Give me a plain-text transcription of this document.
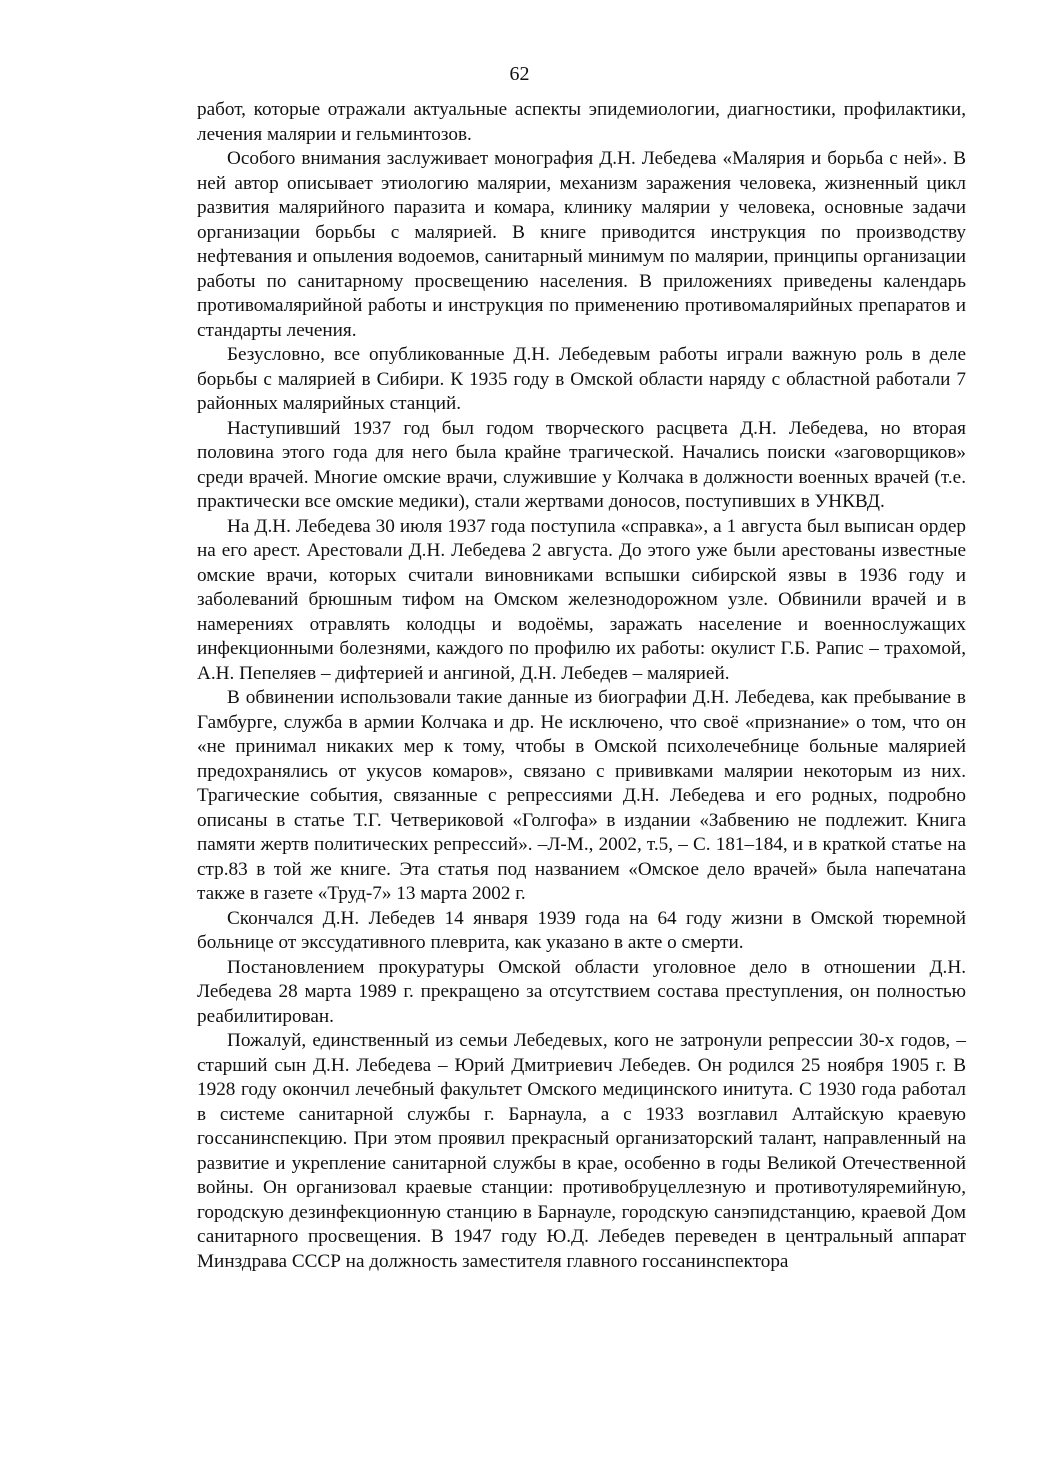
62

работ, которые отражали актуальные аспекты эпидемиологии, диагностики, профилактики, лечения малярии и гельминтозов.

Особого внимания заслуживает монография Д.Н. Лебедева «Малярия и борьба с ней». В ней автор описывает этиологию малярии, механизм заражения человека, жизненный цикл развития малярийного паразита и комара, клинику малярии у человека, основные задачи организации борьбы с малярией. В книге приводится инструкция по производству нефтевания и опыления водоемов, санитарный минимум по малярии, принципы организации работы по санитарному просвещению населения. В приложениях приведены календарь противомалярийной работы и инструкция по применению противомалярийных препаратов и стандарты лечения.

Безусловно, все опубликованные Д.Н. Лебедевым работы играли важную роль в деле борьбы с малярией в Сибири. К 1935 году в Омской области наряду с областной работали 7 районных малярийных станций.

Наступивший 1937 год был годом творческого расцвета Д.Н. Лебедева, но вторая половина этого года для него была крайне трагической. Начались поиски «заговорщиков» среди врачей. Многие омские врачи, служившие у Колчака в должности военных врачей (т.е. практически все омские медики), стали жертвами доносов, поступивших в УНКВД.

На Д.Н. Лебедева 30 июля 1937 года поступила «справка», а 1 августа был выписан ордер на его арест. Арестовали Д.Н. Лебедева 2 августа. До этого уже были арестованы известные омские врачи, которых считали виновниками вспышки сибирской язвы в 1936 году и заболеваний брюшным тифом на Омском железнодорожном узле. Обвинили врачей и в намерениях отравлять колодцы и водоёмы, заражать население и военнослужащих инфекционными болезнями, каждого по профилю их работы: окулист Г.Б. Рапис – трахомой, А.Н. Пепеляев – дифтерией и ангиной, Д.Н. Лебедев – малярией.

В обвинении использовали такие данные из биографии Д.Н. Лебедева, как пребывание в Гамбурге, служба в армии Колчака и др. Не исключено, что своё «признание» о том, что он «не принимал никаких мер к тому, чтобы в Омской психолечебнице больные малярией предохранялись от укусов комаров», связано с прививками малярии некоторым из них. Трагические события, связанные с репрессиями Д.Н. Лебедева и его родных, подробно описаны в статье Т.Г. Четвериковой «Голгофа» в издании «Забвению не подлежит. Книга памяти жертв политических репрессий». –Л-М., 2002, т.5, – С. 181–184, и в краткой статье на стр.83 в той же книге. Эта статья под названием «Омское дело врачей» была напечатана также в газете «Труд-7» 13 марта 2002 г.

Скончался Д.Н. Лебедев 14 января 1939 года на 64 году жизни в Омской тюремной больнице от экссудативного плеврита, как указано в акте о смерти.

Постановлением прокуратуры Омской области уголовное дело в отношении Д.Н. Лебедева 28 марта 1989 г. прекращено за отсутствием состава преступления, он полностью реабилитирован.

Пожалуй, единственный из семьи Лебедевых, кого не затронули репрессии 30-х годов, – старший сын Д.Н. Лебедева – Юрий Дмитриевич Лебедев. Он родился 25 ноября 1905 г. В 1928 году окончил лечебный факультет Омского медицинского инитута. С 1930 года работал в системе санитарной службы г. Барнаула, а с 1933 возглавил Алтайскую краевую госсанинспекцию. При этом проявил прекрасный организаторский талант, направленный на развитие и укрепление санитарной службы в крае, особенно в годы Великой Отечественной войны. Он организовал краевые станции: противобруцеллезную и противотуляремийную, городскую дезинфекционную станцию в Барнауле, городскую санэпидстанцию, краевой Дом санитарного просвещения. В 1947 году Ю.Д. Лебедев переведен в центральный аппарат Минздрава СССР на должность заместителя главного госсанинспектора
